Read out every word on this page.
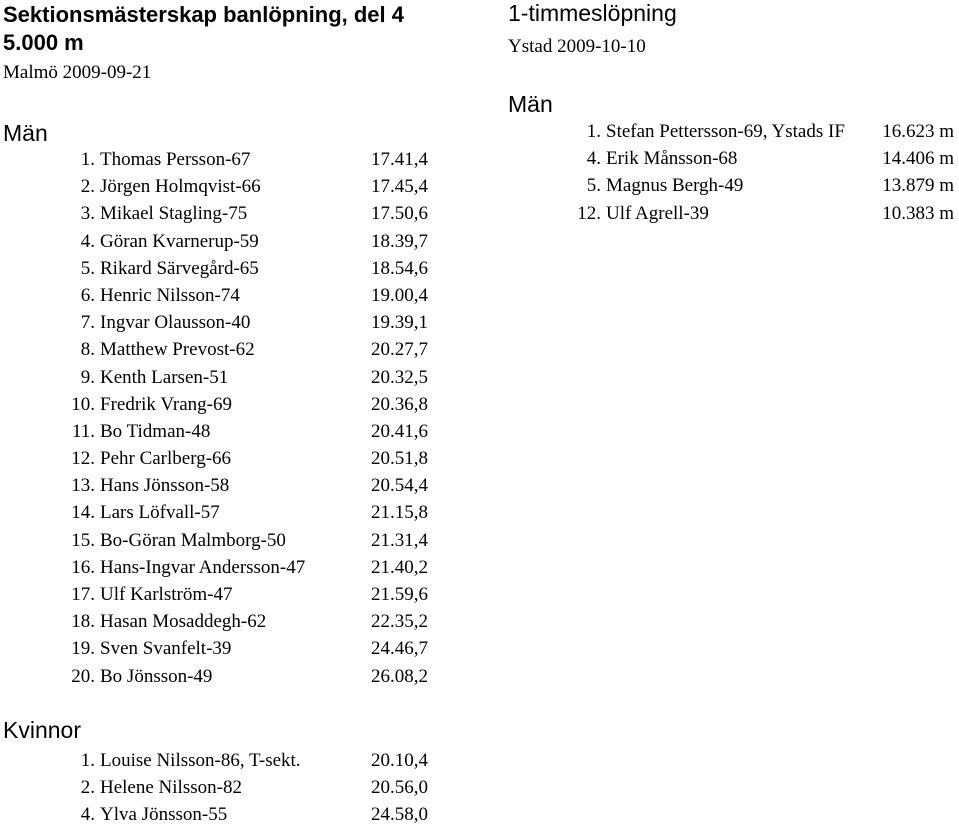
Sektionsmästerskap banlöpning, del 4
5.000 m
Malmö 2009-09-21
Män
1. Thomas Persson-67	17.41,4
2. Jörgen Holmqvist-66	17.45,4
3. Mikael Stagling-75	17.50,6
4. Göran Kvarnerup-59	18.39,7
5. Rikard Särvegård-65	18.54,6
6. Henric Nilsson-74	19.00,4
7. Ingvar Olausson-40	19.39,1
8. Matthew Prevost-62	20.27,7
9. Kenth Larsen-51	20.32,5
10. Fredrik Vrang-69	20.36,8
11. Bo Tidman-48	20.41,6
12. Pehr Carlberg-66	20.51,8
13. Hans Jönsson-58	20.54,4
14. Lars Löfvall-57	21.15,8
15. Bo-Göran Malmborg-50	21.31,4
16. Hans-Ingvar Andersson-47	21.40,2
17. Ulf Karlström-47	21.59,6
18. Hasan Mosaddegh-62	22.35,2
19. Sven Svanfelt-39	24.46,7
20. Bo Jönsson-49	26.08,2
Kvinnor
1. Louise Nilsson-86, T-sekt.	20.10,4
2. Helene Nilsson-82	20.56,0
4. Ylva Jönsson-55	24.58,0
1-timmeslöpning
Ystad 2009-10-10
Män
1. Stefan Pettersson-69, Ystads IF 16.623 m
4. Erik Månsson-68	14.406 m
5. Magnus Bergh-49	13.879 m
12. Ulf Agrell-39	10.383 m
